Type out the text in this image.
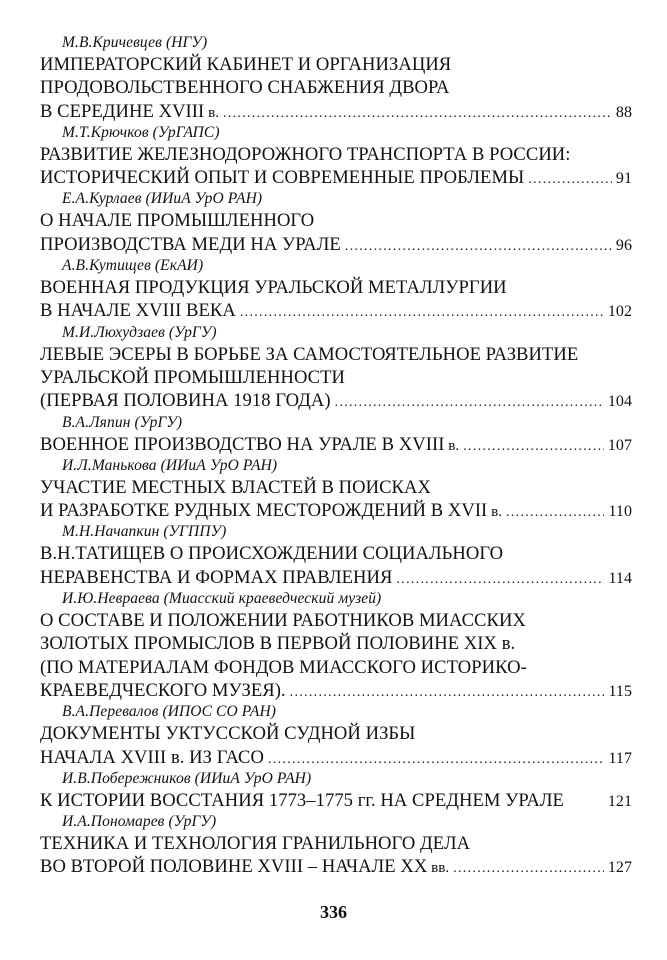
М.В.Кричевцев (НГУ)
ИМПЕРАТОРСКИЙ КАБИНЕТ И ОРГАНИЗАЦИЯ
ПРОДОВОЛЬСТВЕННОГО СНАБЖЕНИЯ ДВОРА
В СЕРЕДИНЕ XVIII в. .....	88
М.Т.Крючков (УрГАПС)
РАЗВИТИЕ ЖЕЛЕЗНОДОРОЖНОГО ТРАНСПОРТА В РОССИИ:
ИСТОРИЧЕСКИЙ ОПЫТ И СОВРЕМЕННЫЕ ПРОБЛЕМЫ .....	91
Е.А.Курлаев (ИИиА УрО РАН)
О НАЧАЛЕ ПРОМЫШЛЕННОГО
ПРОИЗВОДСТВА МЕДИ НА УРАЛЕ .....	96
А.В.Кутищев (ЕкАИ)
ВОЕННАЯ ПРОДУКЦИЯ УРАЛЬСКОЙ МЕТАЛЛУРГИИ
В НАЧАЛЕ XVIII ВЕКА .....	102
М.И.Люхудзаев (УрГУ)
ЛЕВЫЕ ЭСЕРЫ В БОРЬБЕ ЗА САМОСТОЯТЕЛЬНОЕ РАЗВИТИЕ
УРАЛЬСКОЙ ПРОМЫШЛЕННОСТИ
(ПЕРВАЯ ПОЛОВИНА 1918 ГОДА) .....	104
В.А.Ляпин (УрГУ)
ВОЕННОЕ ПРОИЗВОДСТВО НА УРАЛЕ В XVIII в. .....	107
И.Л.Манькова (ИИиА УрО РАН)
УЧАСТИЕ МЕСТНЫХ ВЛАСТЕЙ В ПОИСКАХ
И РАЗРАБОТКЕ РУДНЫХ МЕСТОРОЖДЕНИЙ В XVII в. .....	110
М.Н.Начапкин (УГППУ)
В.Н.ТАТИЩЕВ О ПРОИСХОЖДЕНИИ СОЦИАЛЬНОГО
НЕРАВЕНСТВА И ФОРМАХ ПРАВЛЕНИЯ .....	114
И.Ю.Невраева (Миасский краеведческий музей)
О СОСТАВЕ И ПОЛОЖЕНИИ РАБОТНИКОВ МИАССКИХ
ЗОЛОТЫХ ПРОМЫСЛОВ В ПЕРВОЙ ПОЛОВИНЕ XIX в.
(ПО МАТЕРИАЛАМ ФОНДОВ МИАССКОГО ИСТОРИКО-
КРАЕВЕДЧЕСКОГО МУЗЕЯ). .....	115
В.А.Перевалов (ИПОС СО РАН)
ДОКУМЕНТЫ УКТУССКОЙ СУДНОЙ ИЗБЫ
НАЧАЛА XVIII в. ИЗ ГАСО .....	117
И.В.Побережников (ИИиА УрО РАН)
К ИСТОРИИ ВОССТАНИЯ 1773–1775 гг. НА СРЕДНЕМ УРАЛЕ	121
И.А.Пономарев (УрГУ)
ТЕХНИКА И ТЕХНОЛОГИЯ ГРАНИЛЬНОГО ДЕЛА
ВО ВТОРОЙ ПОЛОВИНЕ XVIII – НАЧАЛЕ XX вв. .....	127
336
